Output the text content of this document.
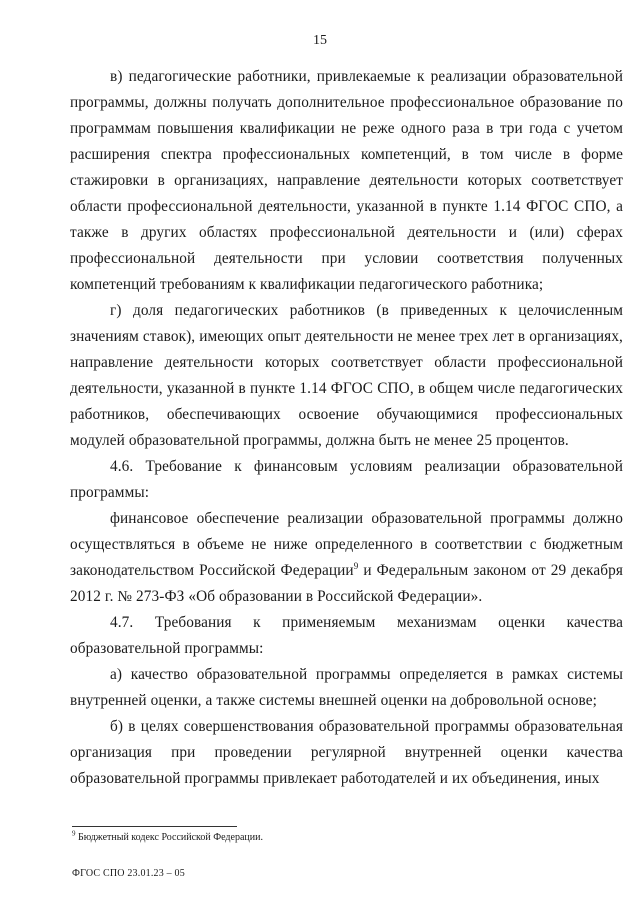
15

в) педагогические работники, привлекаемые к реализации образовательной программы, должны получать дополнительное профессиональное образование по программам повышения квалификации не реже одного раза в три года с учетом расширения спектра профессиональных компетенций, в том числе в форме стажировки в организациях, направление деятельности которых соответствует области профессиональной деятельности, указанной в пункте 1.14 ФГОС СПО, а также в других областях профессиональной деятельности и (или) сферах профессиональной деятельности при условии соответствия полученных компетенций требованиям к квалификации педагогического работника;

г) доля педагогических работников (в приведенных к целочисленным значениям ставок), имеющих опыт деятельности не менее трех лет в организациях, направление деятельности которых соответствует области профессиональной деятельности, указанной в пункте 1.14 ФГОС СПО, в общем числе педагогических работников, обеспечивающих освоение обучающимися профессиональных модулей образовательной программы, должна быть не менее 25 процентов.

4.6. Требование к финансовым условиям реализации образовательной программы:

финансовое обеспечение реализации образовательной программы должно осуществляться в объеме не ниже определенного в соответствии с бюджетным законодательством Российской Федерации$^9$ и Федеральным законом от 29 декабря 2012 г. № 273-ФЗ «Об образовании в Российской Федерации».

4.7. Требования к применяемым механизмам оценки качества образовательной программы:

а) качество образовательной программы определяется в рамках системы внутренней оценки, а также системы внешней оценки на добровольной основе;

б) в целях совершенствования образовательной программы образовательная организация при проведении регулярной внутренней оценки качества образовательной программы привлекает работодателей и их объединения, иных

$^9$ Бюджетный кодекс Российской Федерации.
ФГОС СПО 23.01.23 – 05
